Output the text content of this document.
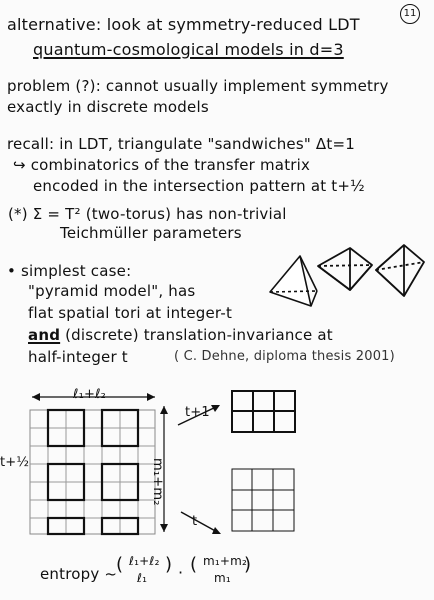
alternative: look at symmetry-reduced LDT
11
quantum-cosmological models in d=3
problem (?): cannot usually implement symmetry
exactly in discrete models
recall: in LDT, triangulate "sandwiches" Δt=1
↪ combinatorics of the transfer matrix
encoded in the intersection pattern at t+½
(*) Σ = T² (two-torus) has non-trivial
Teichmüller parameters
• simplest case:
"pyramid model", has
flat spatial tori at integer-t
and (discrete) translation-invariance at
half-integer t	( C. Dehne, diploma thesis 2001)
ℓ₁+ℓ₂
t+½	m₁+m₂
t+1
t
entropy ~
( ℓ₁+ℓ₂
ℓ₁
) · ( m₁+m₂
m₁
)
